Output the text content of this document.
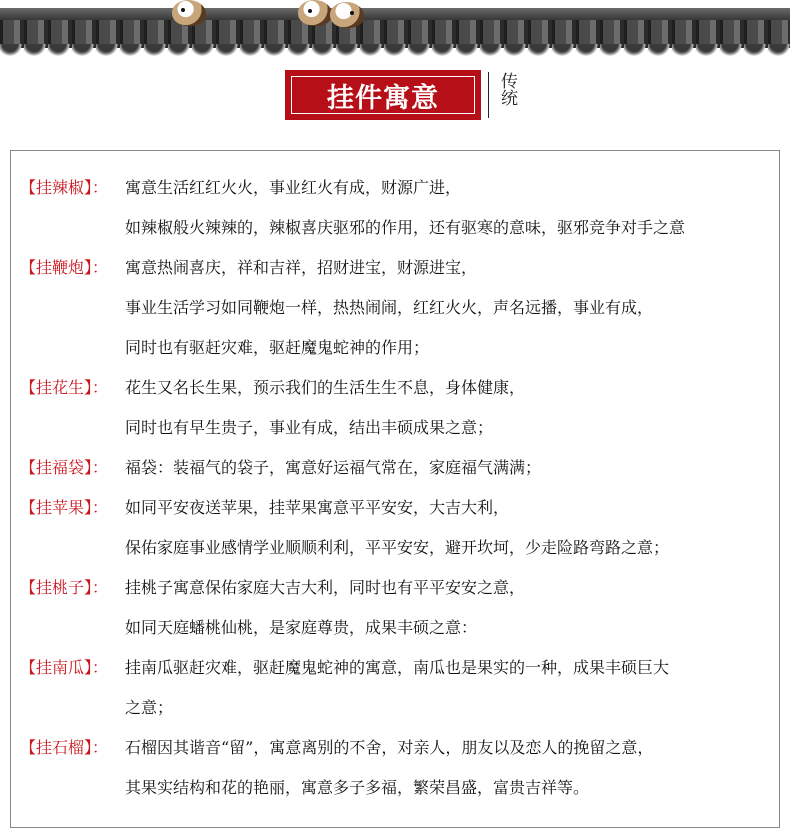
挂件寓意	传统
【挂辣椒】： 寓意生活红红火火，事业红火有成，财源广进，
如辣椒般火辣辣的，辣椒喜庆驱邪的作用，还有驱寒的意味，驱邪竞争对手之意
【挂鞭炮】： 寓意热闹喜庆，祥和吉祥，招财进宝，财源进宝，
事业生活学习如同鞭炮一样，热热闹闹，红红火火，声名远播，事业有成，
同时也有驱赶灾难，驱赶魔鬼蛇神的作用；
【挂花生】： 花生又名长生果，预示我们的生活生生不息，身体健康，
同时也有早生贵子，事业有成，结出丰硕成果之意；
【挂福袋】： 福袋：装福气的袋子，寓意好运福气常在，家庭福气满满；
【挂苹果】： 如同平安夜送苹果，挂苹果寓意平平安安，大吉大利，
保佑家庭事业感情学业顺顺利利，平平安安，避开坎坷，少走险路弯路之意；
【挂桃子】： 挂桃子寓意保佑家庭大吉大利，同时也有平平安安之意，
如同天庭蟠桃仙桃，是家庭尊贵，成果丰硕之意：
【挂南瓜】： 挂南瓜驱赶灾难，驱赶魔鬼蛇神的寓意，南瓜也是果实的一种，成果丰硕巨大
之意；
【挂石榴】： 石榴因其谐音“留”，寓意离别的不舍，对亲人，朋友以及恋人的挽留之意，
其果实结构和花的艳丽，寓意多子多福，繁荣昌盛，富贵吉祥等。
